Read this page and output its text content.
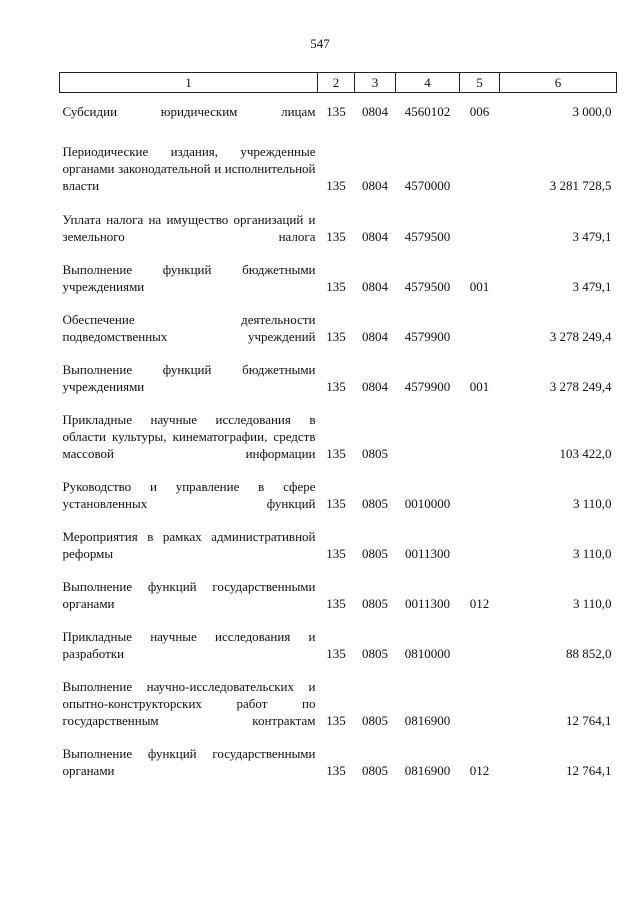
547
1	2	3	4	5	6

Субсидии юридическим лицам	135	0804	4560102	006	3 000,0

Периодические издания, учрежденные органами законодательной и исполнительной власти	135	0804	4570000		3 281 728,5

Уплата налога на имущество организаций и земельного налога	135	0804	4579500		3 479,1

Выполнение функций бюджетными учреждениями	135	0804	4579500	001	3 479,1

Обеспечение деятельности подведомственных учреждений	135	0804	4579900		3 278 249,4

Выполнение функций бюджетными учреждениями	135	0804	4579900	001	3 278 249,4

Прикладные научные исследования в области культуры, кинематографии, средств массовой информации	135	0805			103 422,0

Руководство и управление в сфере установленных функций	135	0805	0010000		3 110,0

Мероприятия в рамках административной реформы	135	0805	0011300		3 110,0

Выполнение функций государственными органами	135	0805	0011300	012	3 110,0

Прикладные научные исследования и разработки	135	0805	0810000		88 852,0

Выполнение научно-исследовательских и опытно-конструкторских работ по государственным контрактам	135	0805	0816900		12 764,1

Выполнение функций государственными органами	135	0805	0816900	012	12 764,1
